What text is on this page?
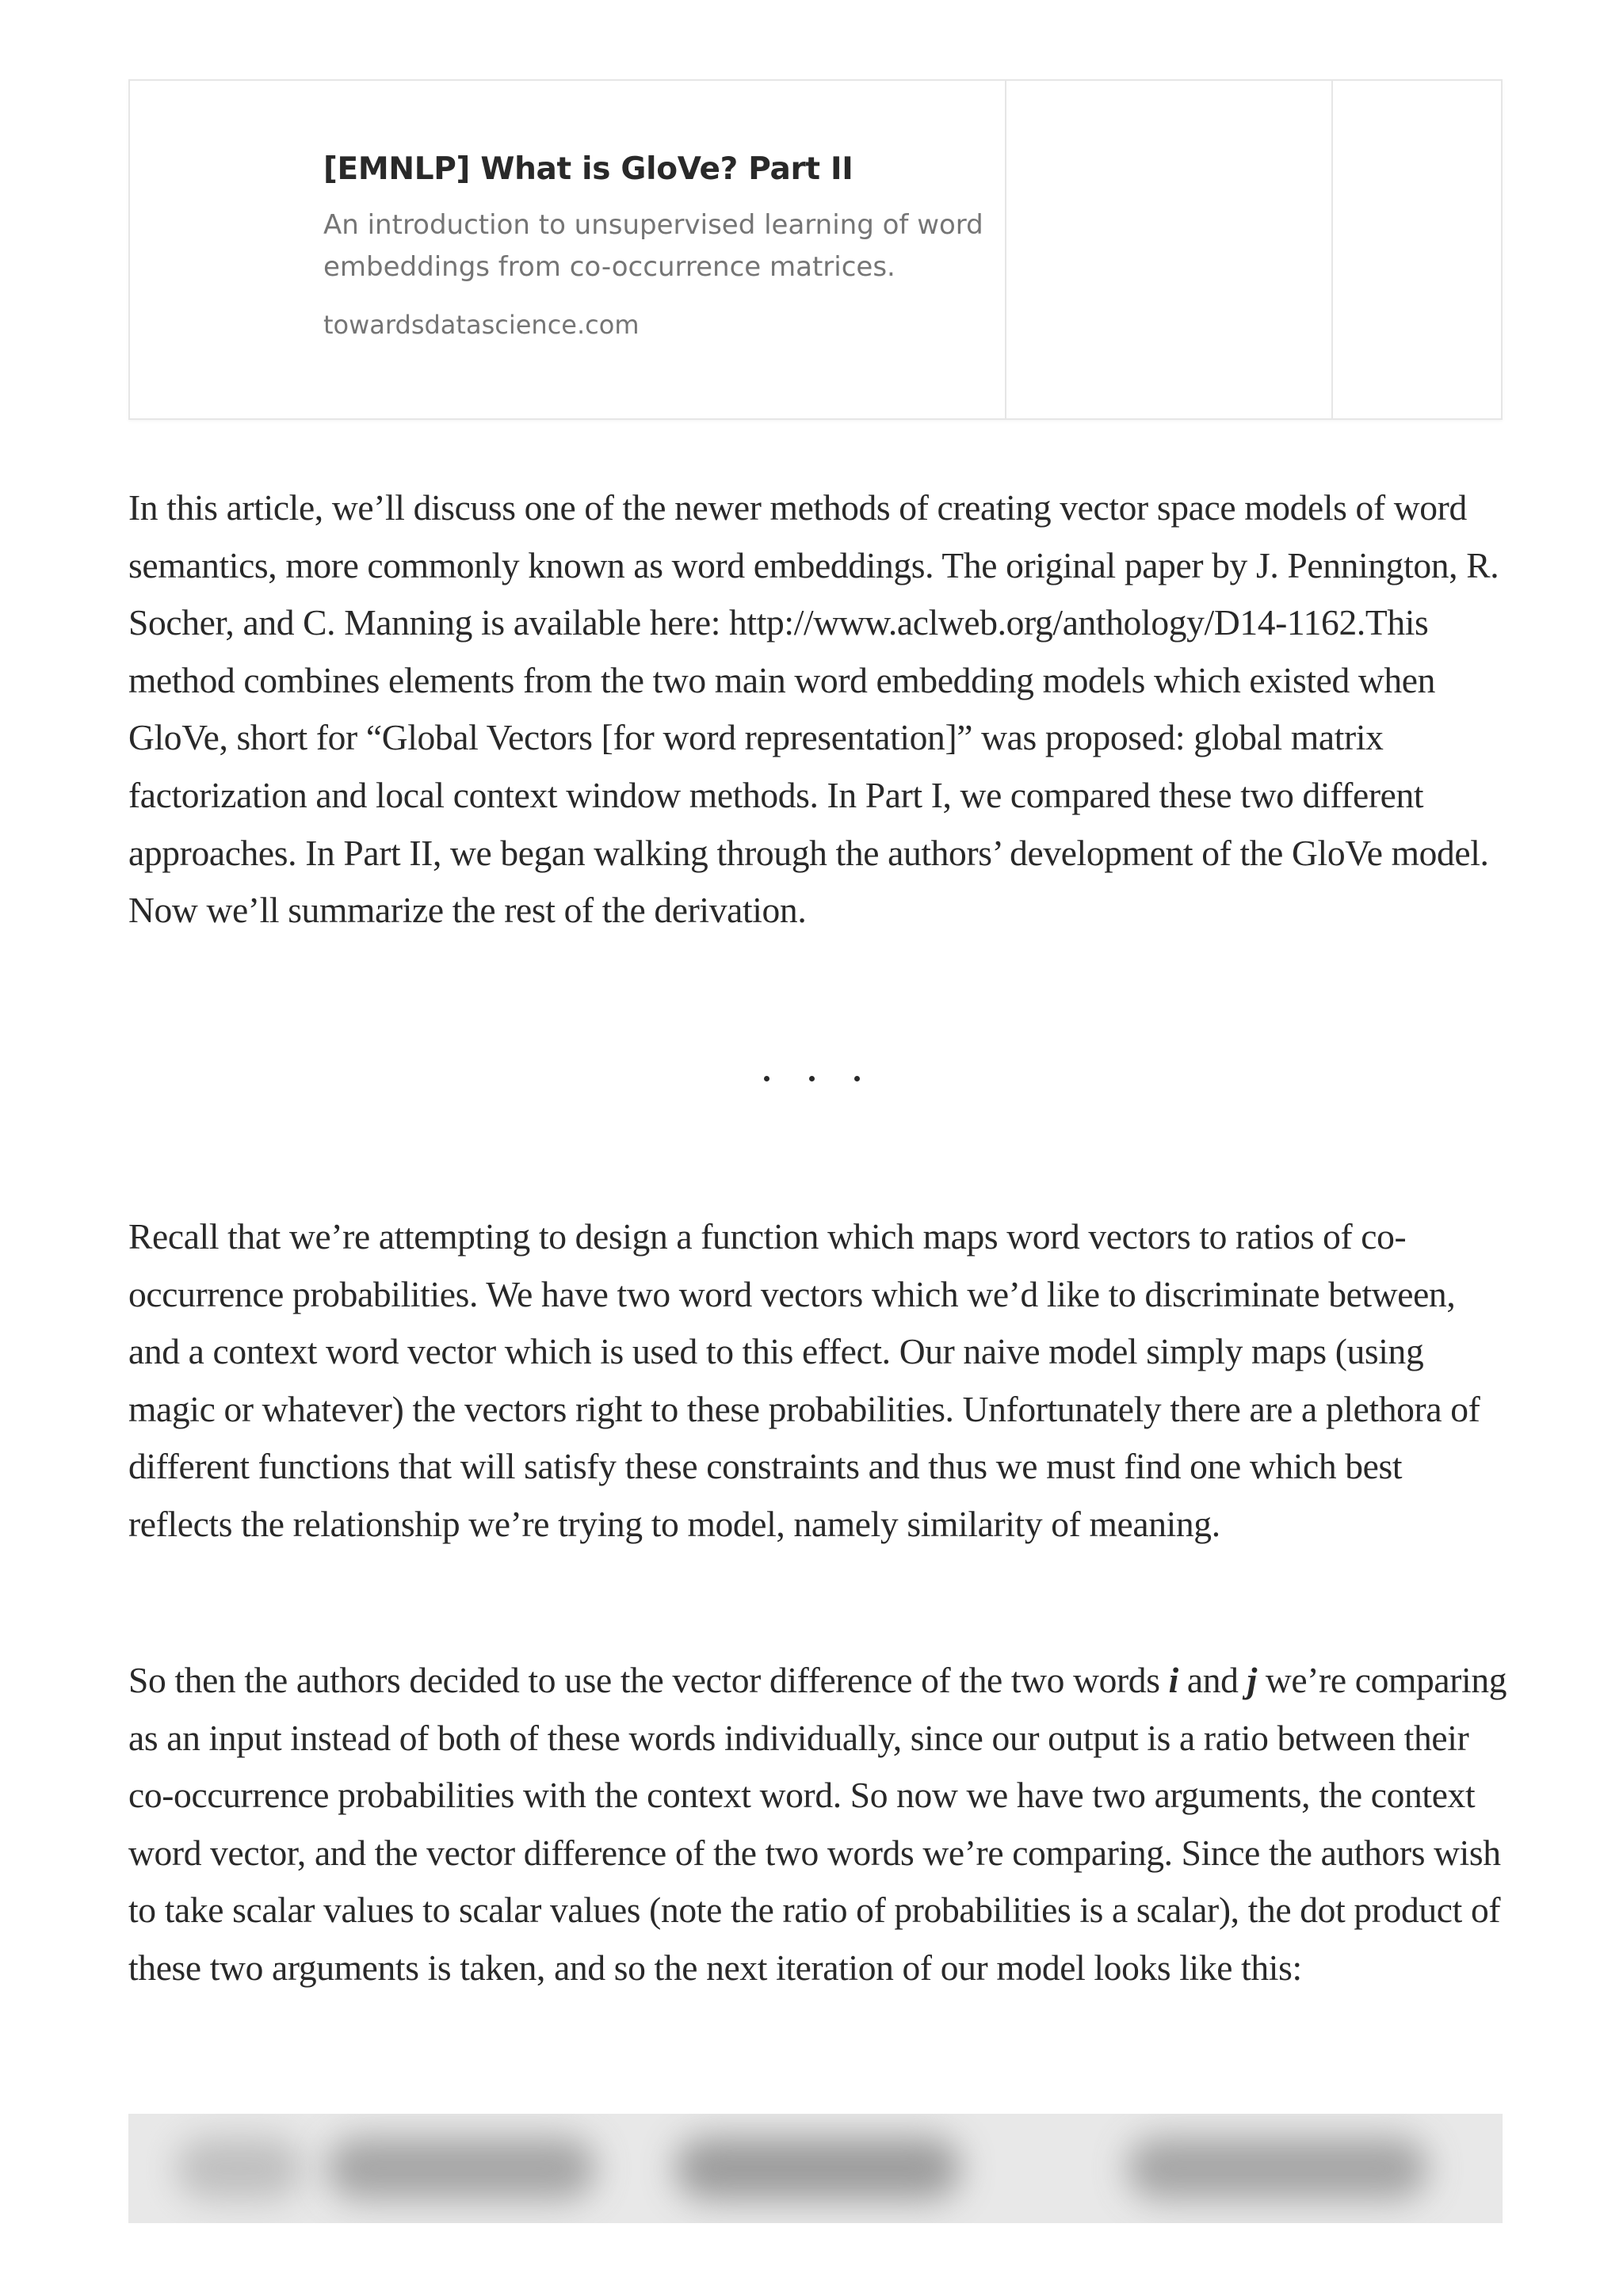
[EMNLP] What is GloVe? Part II

An introduction to unsupervised learning of word embeddings from co-occurrence matrices.

towardsdatascience.com

In this article, we’ll discuss one of the newer methods of creating vector space models of word semantics, more commonly known as word embeddings. The original paper by J. Pennington, R. Socher, and C. Manning is available here: http://www.aclweb.org/anthology/D14-1162.This method combines elements from the two main word embedding models which existed when GloVe, short for “Global Vectors [for word representation]” was proposed: global matrix factorization and local context window methods. In Part I, we compared these two different approaches. In Part II, we began walking through the authors’ development of the GloVe model. Now we’ll summarize the rest of the derivation.

. .

Recall that we’re attempting to design a function which maps word vectors to ratios of co-occurrence probabilities. We have two word vectors which we’d like to discriminate between, and a context word vector which is used to this effect. Our naive model simply maps (using magic or whatever) the vectors right to these probabilities. Unfortunately there are a plethora of different functions that will satisfy these constraints and thus we must find one which best reflects the relationship we’re trying to model, namely similarity of meaning.

So then the authors decided to use the vector difference of the two words i and j we’re comparing as an input instead of both of these words individually, since our output is a ratio between their co-occurrence probabilities with the context word. So now we have two arguments, the context word vector, and the vector difference of the two words we’re comparing. Since the authors wish to take scalar values to scalar values (note the ratio of probabilities is a scalar), the dot product of these two arguments is taken, and so the next iteration of our model looks like this:
